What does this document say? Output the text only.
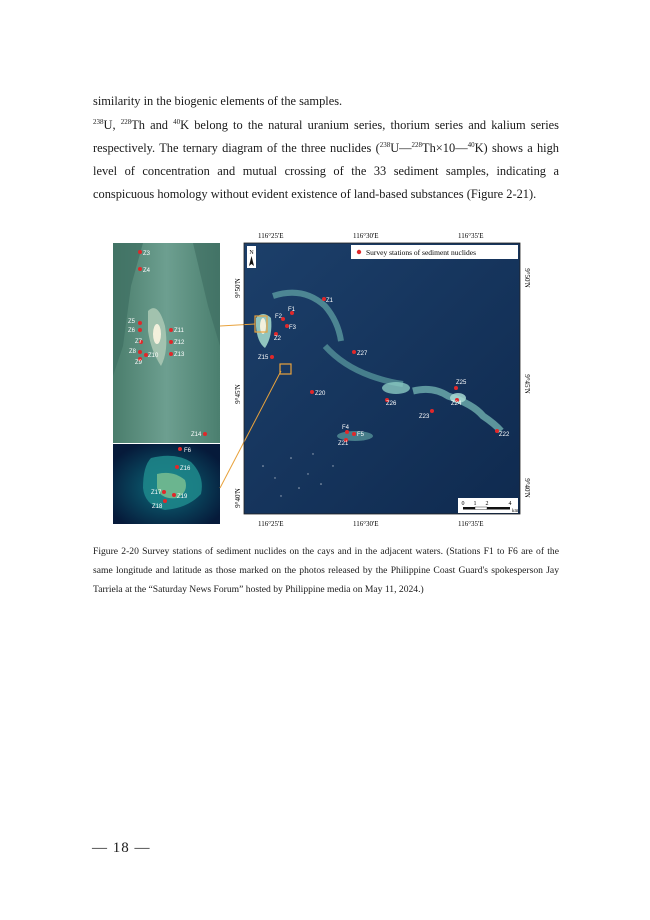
similarity in the biogenic elements of the samples.
$^{238}$U, $^{228}$Th and $^{40}$K belong to the natural uranium series, thorium series and kalium series respectively. The ternary diagram of the three nuclides ($^{238}$U—$^{228}$Th×10—$^{40}$K) shows a high level of concentration and mutual crossing of the 33 sediment samples, indicating a conspicuous homology without evident existence of land-based substances (Figure 2-21).
116°25'E	116°30'E	116°35'E
116°25'E	116°30'E	116°35'E
9°50'N
9°45'N
9°40'N
9°50'N
9°45'N
9°40'N
N	Survey stations of sediment nuclides
0 1 2	4
km
Z1
F1
F2
F3
Z2
Z15
Z27
Z20
Z25
Z26	Z24
Z23
Z22
F4
F5
Z21
Z3
Z4
Z5
Z6
Z7
Z8
Z9
Z10
Z11
Z12
Z13
Z14
F6
Z16
Z17
Z18
Z19
Figure 2-20 Survey stations of sediment nuclides on the cays and in the adjacent waters. (Stations F1 to F6 are of the same longitude and latitude as those marked on the photos released by the Philippine Coast Guard's spokesperson Jay Tarriela at the “Saturday News Forum” hosted by Philippine media on May 11, 2024.)
— 18 —
